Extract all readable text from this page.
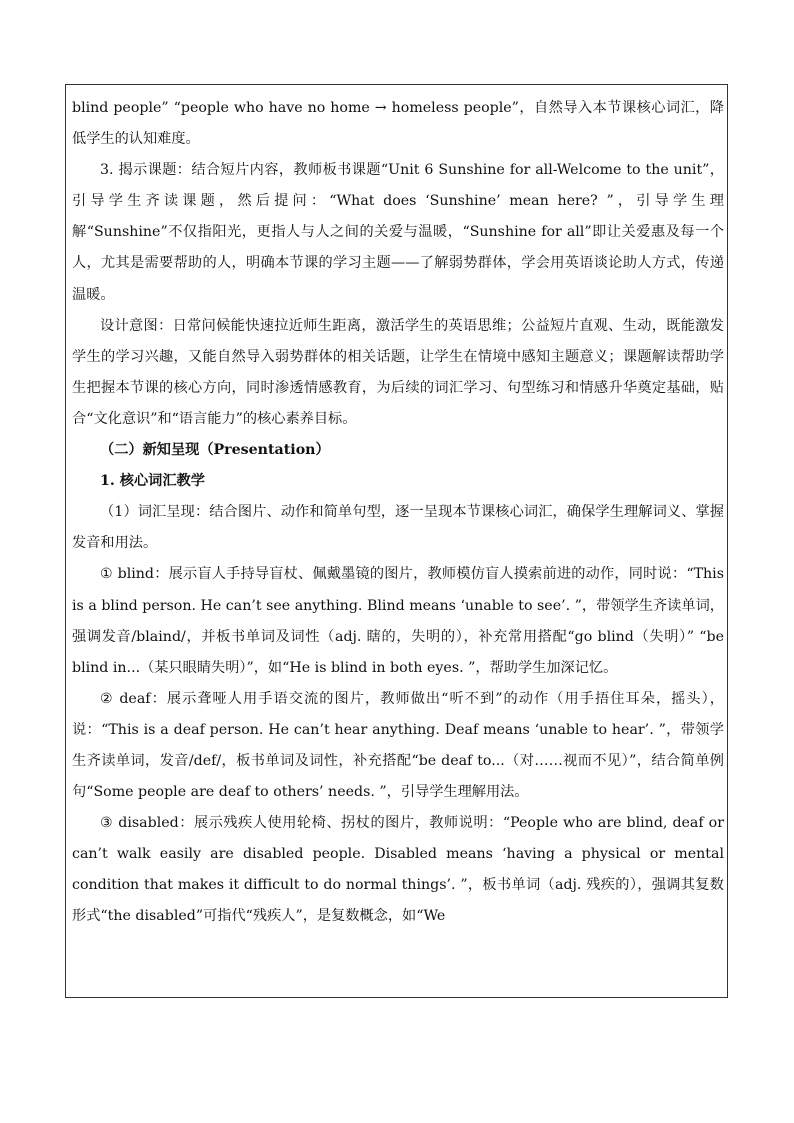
blind people” “people who have no home → homeless people”，自然导入本节课核心词汇，降低学生的认知难度。

3. 揭示课题：结合短片内容，教师板书课题“Unit 6 Sunshine for all-Welcome to the unit”，引导学生齐读课题，然后提问：“What does ‘Sunshine’ mean here? ”，引导学生理解“Sunshine”不仅指阳光，更指人与人之间的关爱与温暖，“Sunshine for all”即让关爱惠及每一个人，尤其是需要帮助的人，明确本节课的学习主题——了解弱势群体，学会用英语谈论助人方式，传递温暖。

设计意图：日常问候能快速拉近师生距离，激活学生的英语思维；公益短片直观、生动，既能激发学生的学习兴趣，又能自然导入弱势群体的相关话题，让学生在情境中感知主题意义；课题解读帮助学生把握本节课的核心方向，同时渗透情感教育，为后续的词汇学习、句型练习和情感升华奠定基础，贴合“文化意识”和“语言能力”的核心素养目标。

（二）新知呈现（Presentation）

1. 核心词汇教学

（1）词汇呈现：结合图片、动作和简单句型，逐一呈现本节课核心词汇，确保学生理解词义、掌握发音和用法。

① blind：展示盲人手持导盲杖、佩戴墨镜的图片，教师模仿盲人摸索前进的动作，同时说：“This is a blind person. He can’t see anything. Blind means ‘unable to see’. ”，带领学生齐读单词，强调发音/blaind/，并板书单词及词性（adj. 瞎的，失明的），补充常用搭配“go blind（失明）” “be blind in...（某只眼睛失明）”，如“He is blind in both eyes. ”，帮助学生加深记忆。

② deaf：展示聋哑人用手语交流的图片，教师做出“听不到”的动作（用手捂住耳朵，摇头），说：“This is a deaf person. He can’t hear anything. Deaf means ‘unable to hear’. ”，带领学生齐读单词，发音/def/，板书单词及词性，补充搭配“be deaf to...（对……视而不见）”，结合简单例句“Some people are deaf to others’ needs. ”，引导学生理解用法。

③ disabled：展示残疾人使用轮椅、拐杖的图片，教师说明：“People who are blind, deaf or can’t walk easily are disabled people. Disabled means ‘having a physical or mental condition that makes it difficult to do normal things’. ”，板书单词（adj. 残疾的），强调其复数形式“the disabled”可指代“残疾人”，是复数概念，如“We
